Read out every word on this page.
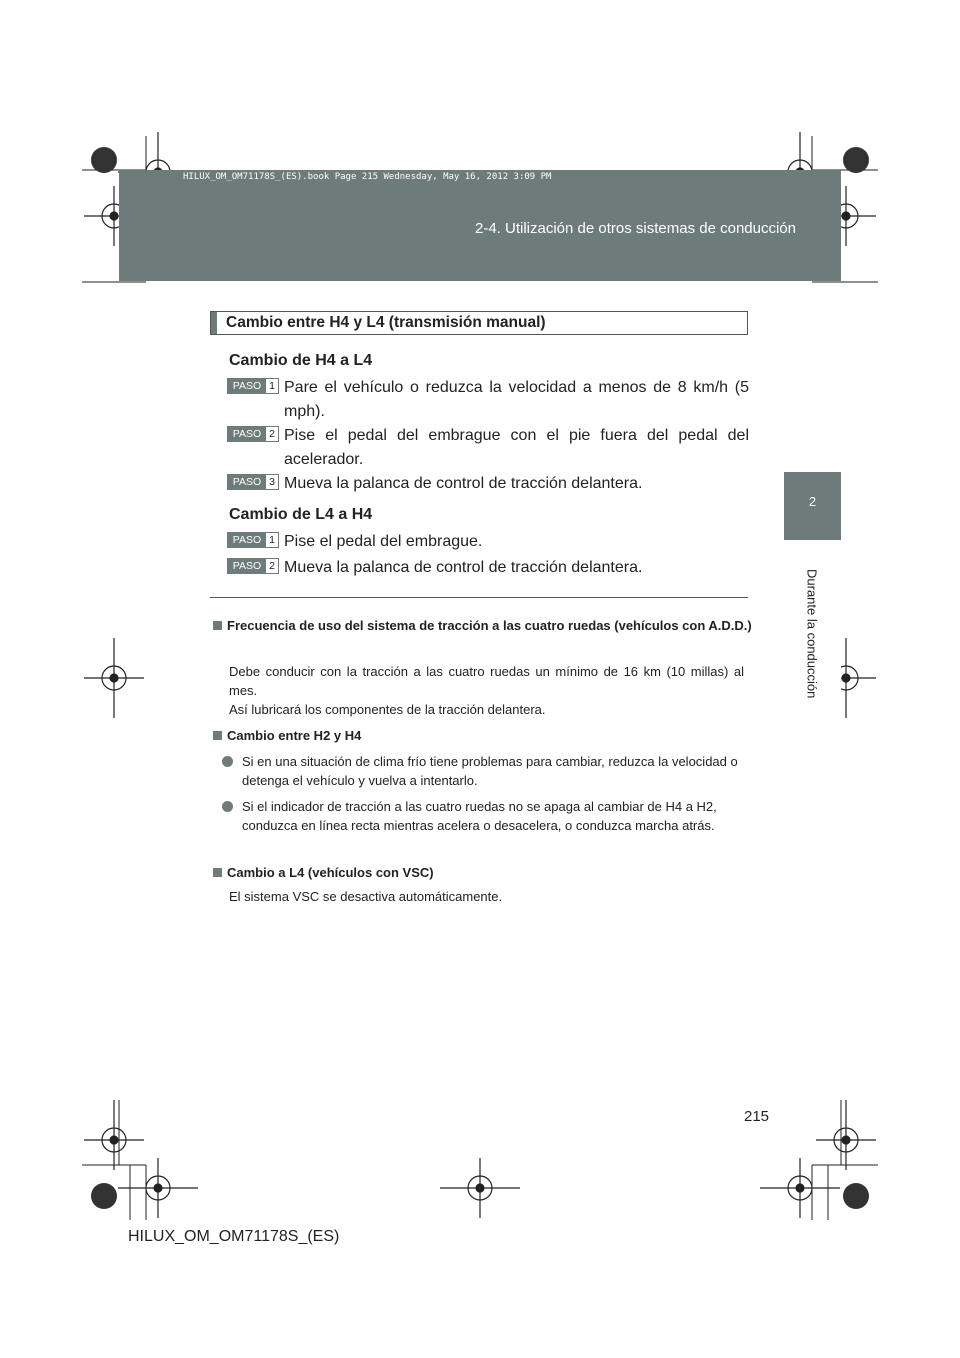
2-4. Utilización de otros sistemas de conducción
HILUX_OM_OM71178S_(ES).book Page 215 Wednesday, May 16, 2012 3:09 PM
2
Durante la conducción
Cambio entre H4 y L4 (transmisión manual)
Cambio de H4 a L4
PASO 1 Pare el vehículo o reduzca la velocidad a menos de 8 km/h (5 mph).
PASO 2 Pise el pedal del embrague con el pie fuera del pedal del acelerador.
PASO 3 Mueva la palanca de control de tracción delantera.
Cambio de L4 a H4
PASO 1 Pise el pedal del embrague.
PASO 2 Mueva la palanca de control de tracción delantera.
Frecuencia de uso del sistema de tracción a las cuatro ruedas (vehículos con A.D.D.)
Debe conducir con la tracción a las cuatro ruedas un mínimo de 16 km (10 millas) al mes.
Así lubricará los componentes de la tracción delantera.
Cambio entre H2 y H4
Si en una situación de clima frío tiene problemas para cambiar, reduzca la velocidad o detenga el vehículo y vuelva a intentarlo.
Si el indicador de tracción a las cuatro ruedas no se apaga al cambiar de H4 a H2, conduzca en línea recta mientras acelera o desacelera, o conduzca marcha atrás.
Cambio a L4 (vehículos con VSC)
El sistema VSC se desactiva automáticamente.
215
HILUX_OM_OM71178S_(ES)
